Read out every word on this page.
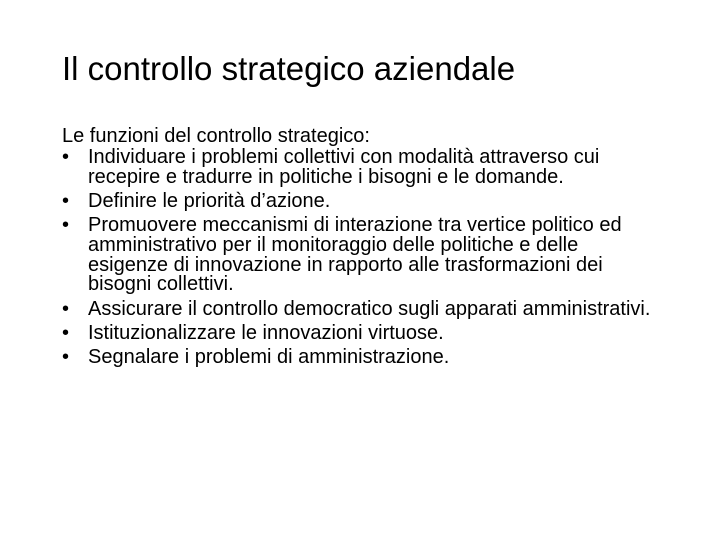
Il controllo strategico aziendale

Le funzioni del controllo strategico:

• Individuare i problemi collettivi con modalità attraverso cui recepire e tradurre in politiche i bisogni e le domande.
• Definire le priorità d’azione.
• Promuovere meccanismi di interazione tra vertice politico ed amministrativo per il monitoraggio delle politiche e delle esigenze di innovazione in rapporto alle trasformazioni dei bisogni collettivi.
• Assicurare il controllo democratico sugli apparati amministrativi.
• Istituzionalizzare le innovazioni virtuose.
• Segnalare i problemi di amministrazione.
